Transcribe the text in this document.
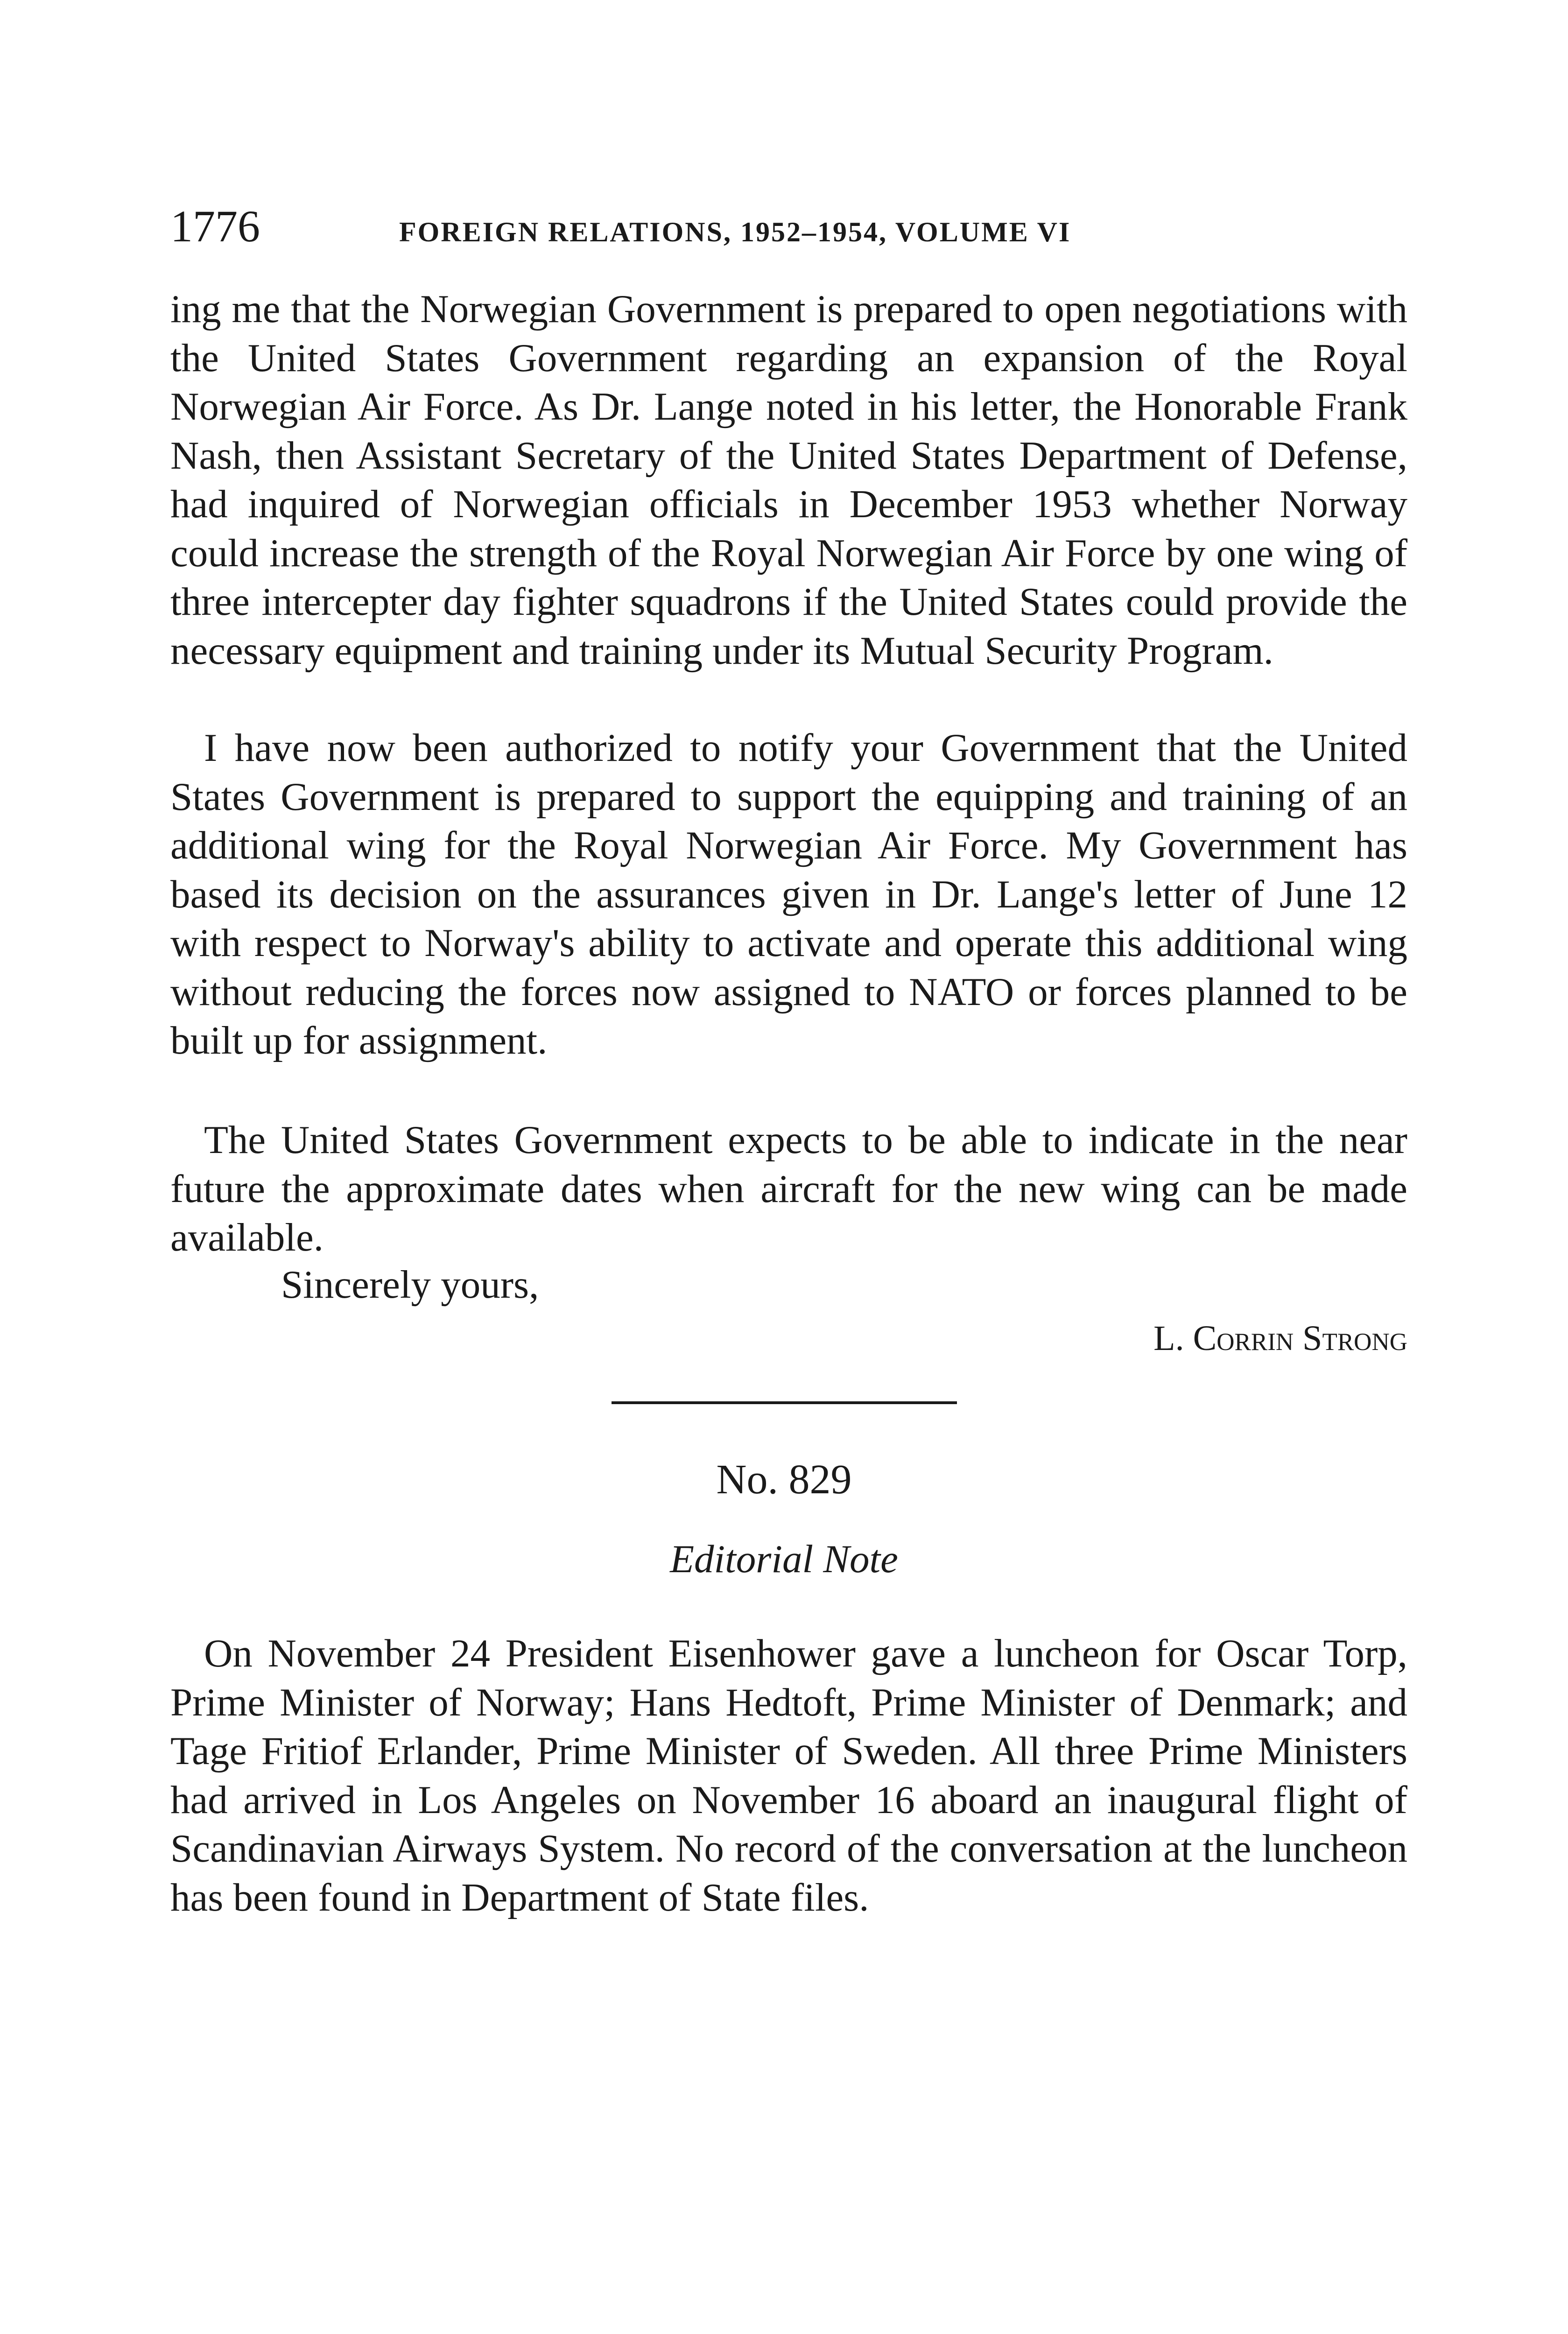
1776	FOREIGN RELATIONS, 1952–1954, VOLUME VI

ing me that the Norwegian Government is prepared to open negotiations with the United States Government regarding an expansion of the Royal Norwegian Air Force. As Dr. Lange noted in his letter, the Honorable Frank Nash, then Assistant Secretary of the United States Department of Defense, had inquired of Norwegian officials in December 1953 whether Norway could increase the strength of the Royal Norwegian Air Force by one wing of three intercepter day fighter squadrons if the United States could provide the necessary equipment and training under its Mutual Security Program.

I have now been authorized to notify your Government that the United States Government is prepared to support the equipping and training of an additional wing for the Royal Norwegian Air Force. My Government has based its decision on the assurances given in Dr. Lange's letter of June 12 with respect to Norway's ability to activate and operate this additional wing without reducing the forces now assigned to NATO or forces planned to be built up for assignment.

The United States Government expects to be able to indicate in the near future the approximate dates when aircraft for the new wing can be made available.

Sincerely yours,
L. Corrin Strong
No. 829
Editorial Note

On November 24 President Eisenhower gave a luncheon for Oscar Torp, Prime Minister of Norway; Hans Hedtoft, Prime Minister of Denmark; and Tage Fritiof Erlander, Prime Minister of Sweden. All three Prime Ministers had arrived in Los Angeles on November 16 aboard an inaugural flight of Scandinavian Airways System. No record of the conversation at the luncheon has been found in Department of State files.
